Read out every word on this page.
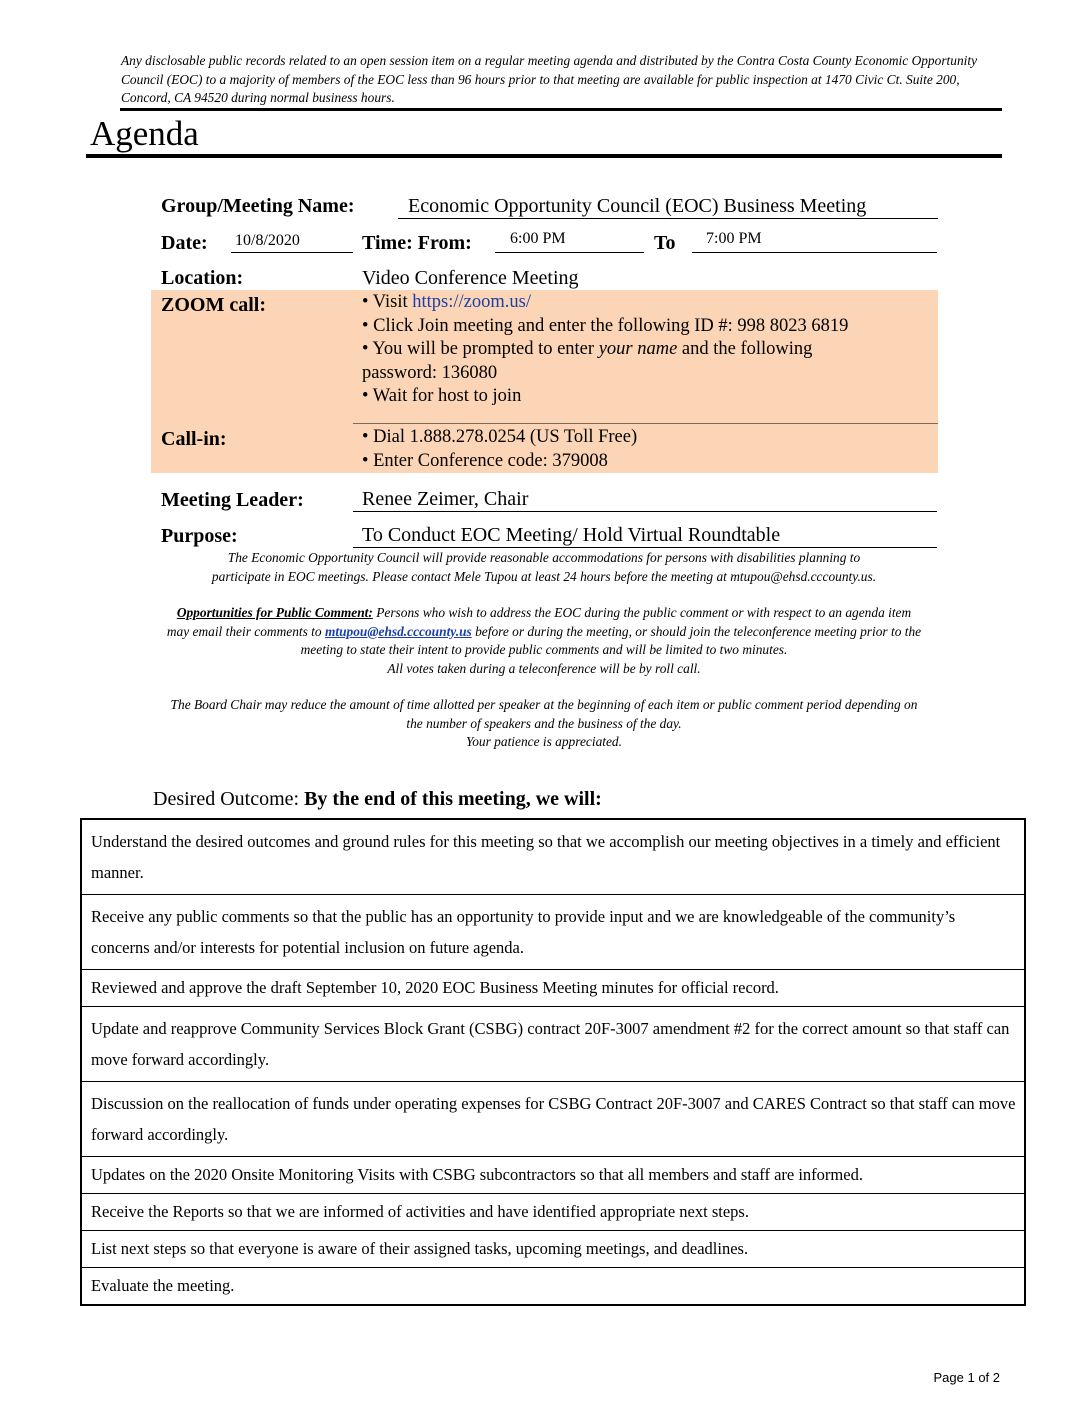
Any disclosable public records related to an open session item on a regular meeting agenda and distributed by the Contra Costa County Economic Opportunity Council (EOC) to a majority of members of the EOC less than 96 hours prior to that meeting are available for public inspection at 1470 Civic Ct. Suite 200, Concord, CA 94520 during normal business hours.
Agenda
Group/Meeting Name:	Economic Opportunity Council (EOC) Business Meeting
Date: 10/8/2020	Time: From:	6:00 PM	To	7:00 PM
Location:	Video Conference Meeting
ZOOM call:	• Visit https://zoom.us/
• Click Join meeting and enter the following ID #: 998 8023 6819
• You will be prompted to enter your name and the following
password: 136080
• Wait for host to join
Call-in:	• Dial 1.888.278.0254 (US Toll Free)
• Enter Conference code: 379008
Meeting Leader:	Renee Zeimer, Chair
Purpose:	To Conduct EOC Meeting/ Hold Virtual Roundtable
The Economic Opportunity Council will provide reasonable accommodations for persons with disabilities planning to
participate in EOC meetings. Please contact Mele Tupou at least 24 hours before the meeting at mtupou@ehsd.cccounty.us.
Opportunities for Public Comment: Persons who wish to address the EOC during the public comment or with respect to an agenda item
may email their comments to mtupou@ehsd.cccounty.us before or during the meeting, or should join the teleconference meeting prior to the
meeting to state their intent to provide public comments and will be limited to two minutes.
All votes taken during a teleconference will be by roll call.
The Board Chair may reduce the amount of time allotted per speaker at the beginning of each item or public comment period depending on
the number of speakers and the business of the day.
Your patience is appreciated.
Desired Outcome: By the end of this meeting, we will:
Understand the desired outcomes and ground rules for this meeting so that we accomplish our meeting objectives in a timely and efficient manner.
Receive any public comments so that the public has an opportunity to provide input and we are knowledgeable of the community’s concerns and/or interests for potential inclusion on future agenda.
Reviewed and approve the draft September 10, 2020 EOC Business Meeting minutes for official record.
Update and reapprove Community Services Block Grant (CSBG) contract 20F-3007 amendment #2 for the correct amount so that staff can move forward accordingly.
Discussion on the reallocation of funds under operating expenses for CSBG Contract 20F-3007 and CARES Contract so that staff can move forward accordingly.
Updates on the 2020 Onsite Monitoring Visits with CSBG subcontractors so that all members and staff are informed.
Receive the Reports so that we are informed of activities and have identified appropriate next steps.
List next steps so that everyone is aware of their assigned tasks, upcoming meetings, and deadlines.
Evaluate the meeting.
Page 1 of 2
